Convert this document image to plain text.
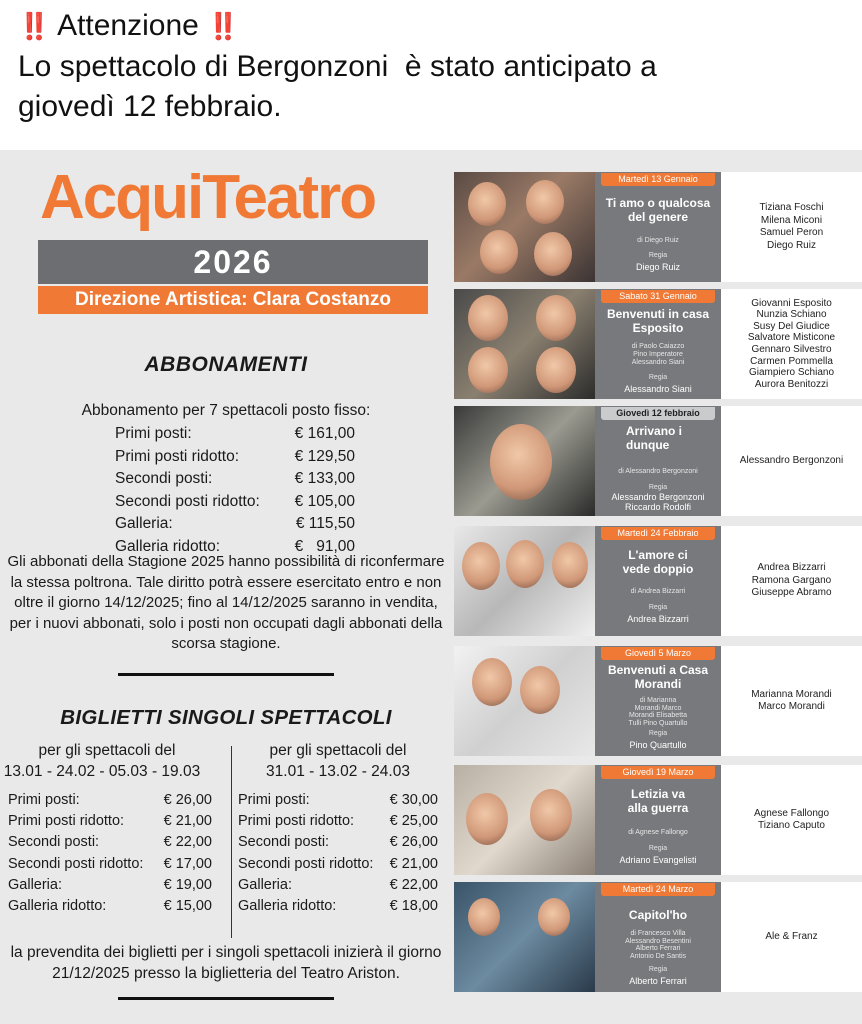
‼️ Attenzione ‼️
Lo spettacolo di Bergonzoni  è stato anticipato a
giovedì 12 febbraio.
AcquiTeatro
2026
Direzione Artistica: Clara Costanzo
ABBONAMENTI
Abbonamento per 7 spettacoli posto fisso:
Primi posti:	€ 161,00
Primi posti ridotto:	€ 129,50
Secondi posti:	€ 133,00
Secondi posti ridotto:	€ 105,00
Galleria:	€ 115,50
Galleria ridotto:	€   91,00
Gli abbonati della Stagione 2025 hanno possibilità di riconfermare la stessa poltrona. Tale diritto potrà essere esercitato entro e non oltre il giorno 14/12/2025; fino al 14/12/2025 saranno in vendita, per i nuovi abbonati, solo i posti non occupati dagli abbonati della scorsa stagione.
BIGLIETTI SINGOLI SPETTACOLI
per gli spettacoli del
13.01 - 24.02 - 05.03 - 19.03
Primi posti:	€ 26,00
Primi posti ridotto:	€ 21,00
Secondi posti:	€ 22,00
Secondi posti ridotto: € 17,00
Galleria:	€ 19,00
Galleria ridotto:	€ 15,00
per gli spettacoli del
31.01 - 13.02 - 24.03
Primi posti:	€ 30,00
Primi posti ridotto: € 25,00
Secondi posti:	€ 26,00
Secondi posti ridotto: € 21,00
Galleria:	€ 22,00
Galleria ridotto:	€ 18,00
la prevendita dei biglietti per i singoli spettacoli inizierà il giorno 21/12/2025 presso la biglietteria del Teatro Ariston.
Martedì 13 Gennaio
Ti amo o qualcosa del genere
di Diego Ruiz
Regia
Diego Ruiz
Tiziana Foschi
Milena Miconi
Samuel Peron
Diego Ruiz
Sabato 31 Gennaio
Benvenuti in casa Esposito
di Paolo Caiazzo Pino Imperatore Alessandro Siani
Regia
Alessandro Siani
Giovanni Esposito
Nunzia Schiano
Susy Del Giudice
Salvatore Misticone
Gennaro Silvestro
Carmen Pommella
Giampiero Schiano
Aurora Benitozzi
Giovedì 12 febbraio
Arrivano i dunque
di Alessandro Bergonzoni
Regia
Alessandro Bergonzoni Riccardo Rodolfi
Alessandro Bergonzoni
Martedì 24 Febbraio
L'amore ci vede doppio
di Andrea Bizzarri
Regia
Andrea Bizzarri
Andrea Bizzarri
Ramona Gargano
Giuseppe Abramo
Giovedì 5 Marzo
Benvenuti a Casa Morandi
di Marianna Morandi Marco Morandi Elisabetta Tulli Pino Quartullo
Regia
Pino Quartullo
Marianna Morandi
Marco Morandi
Giovedì 19 Marzo
Letizia va alla guerra
di Agnese Fallongo
Regia
Adriano Evangelisti
Agnese Fallongo
Tiziano Caputo
Martedì 24 Marzo
Capitol'ho
di Francesco Villa Alessandro Besentini Alberto Ferrari Antonio De Santis
Regia
Alberto Ferrari
Ale & Franz
